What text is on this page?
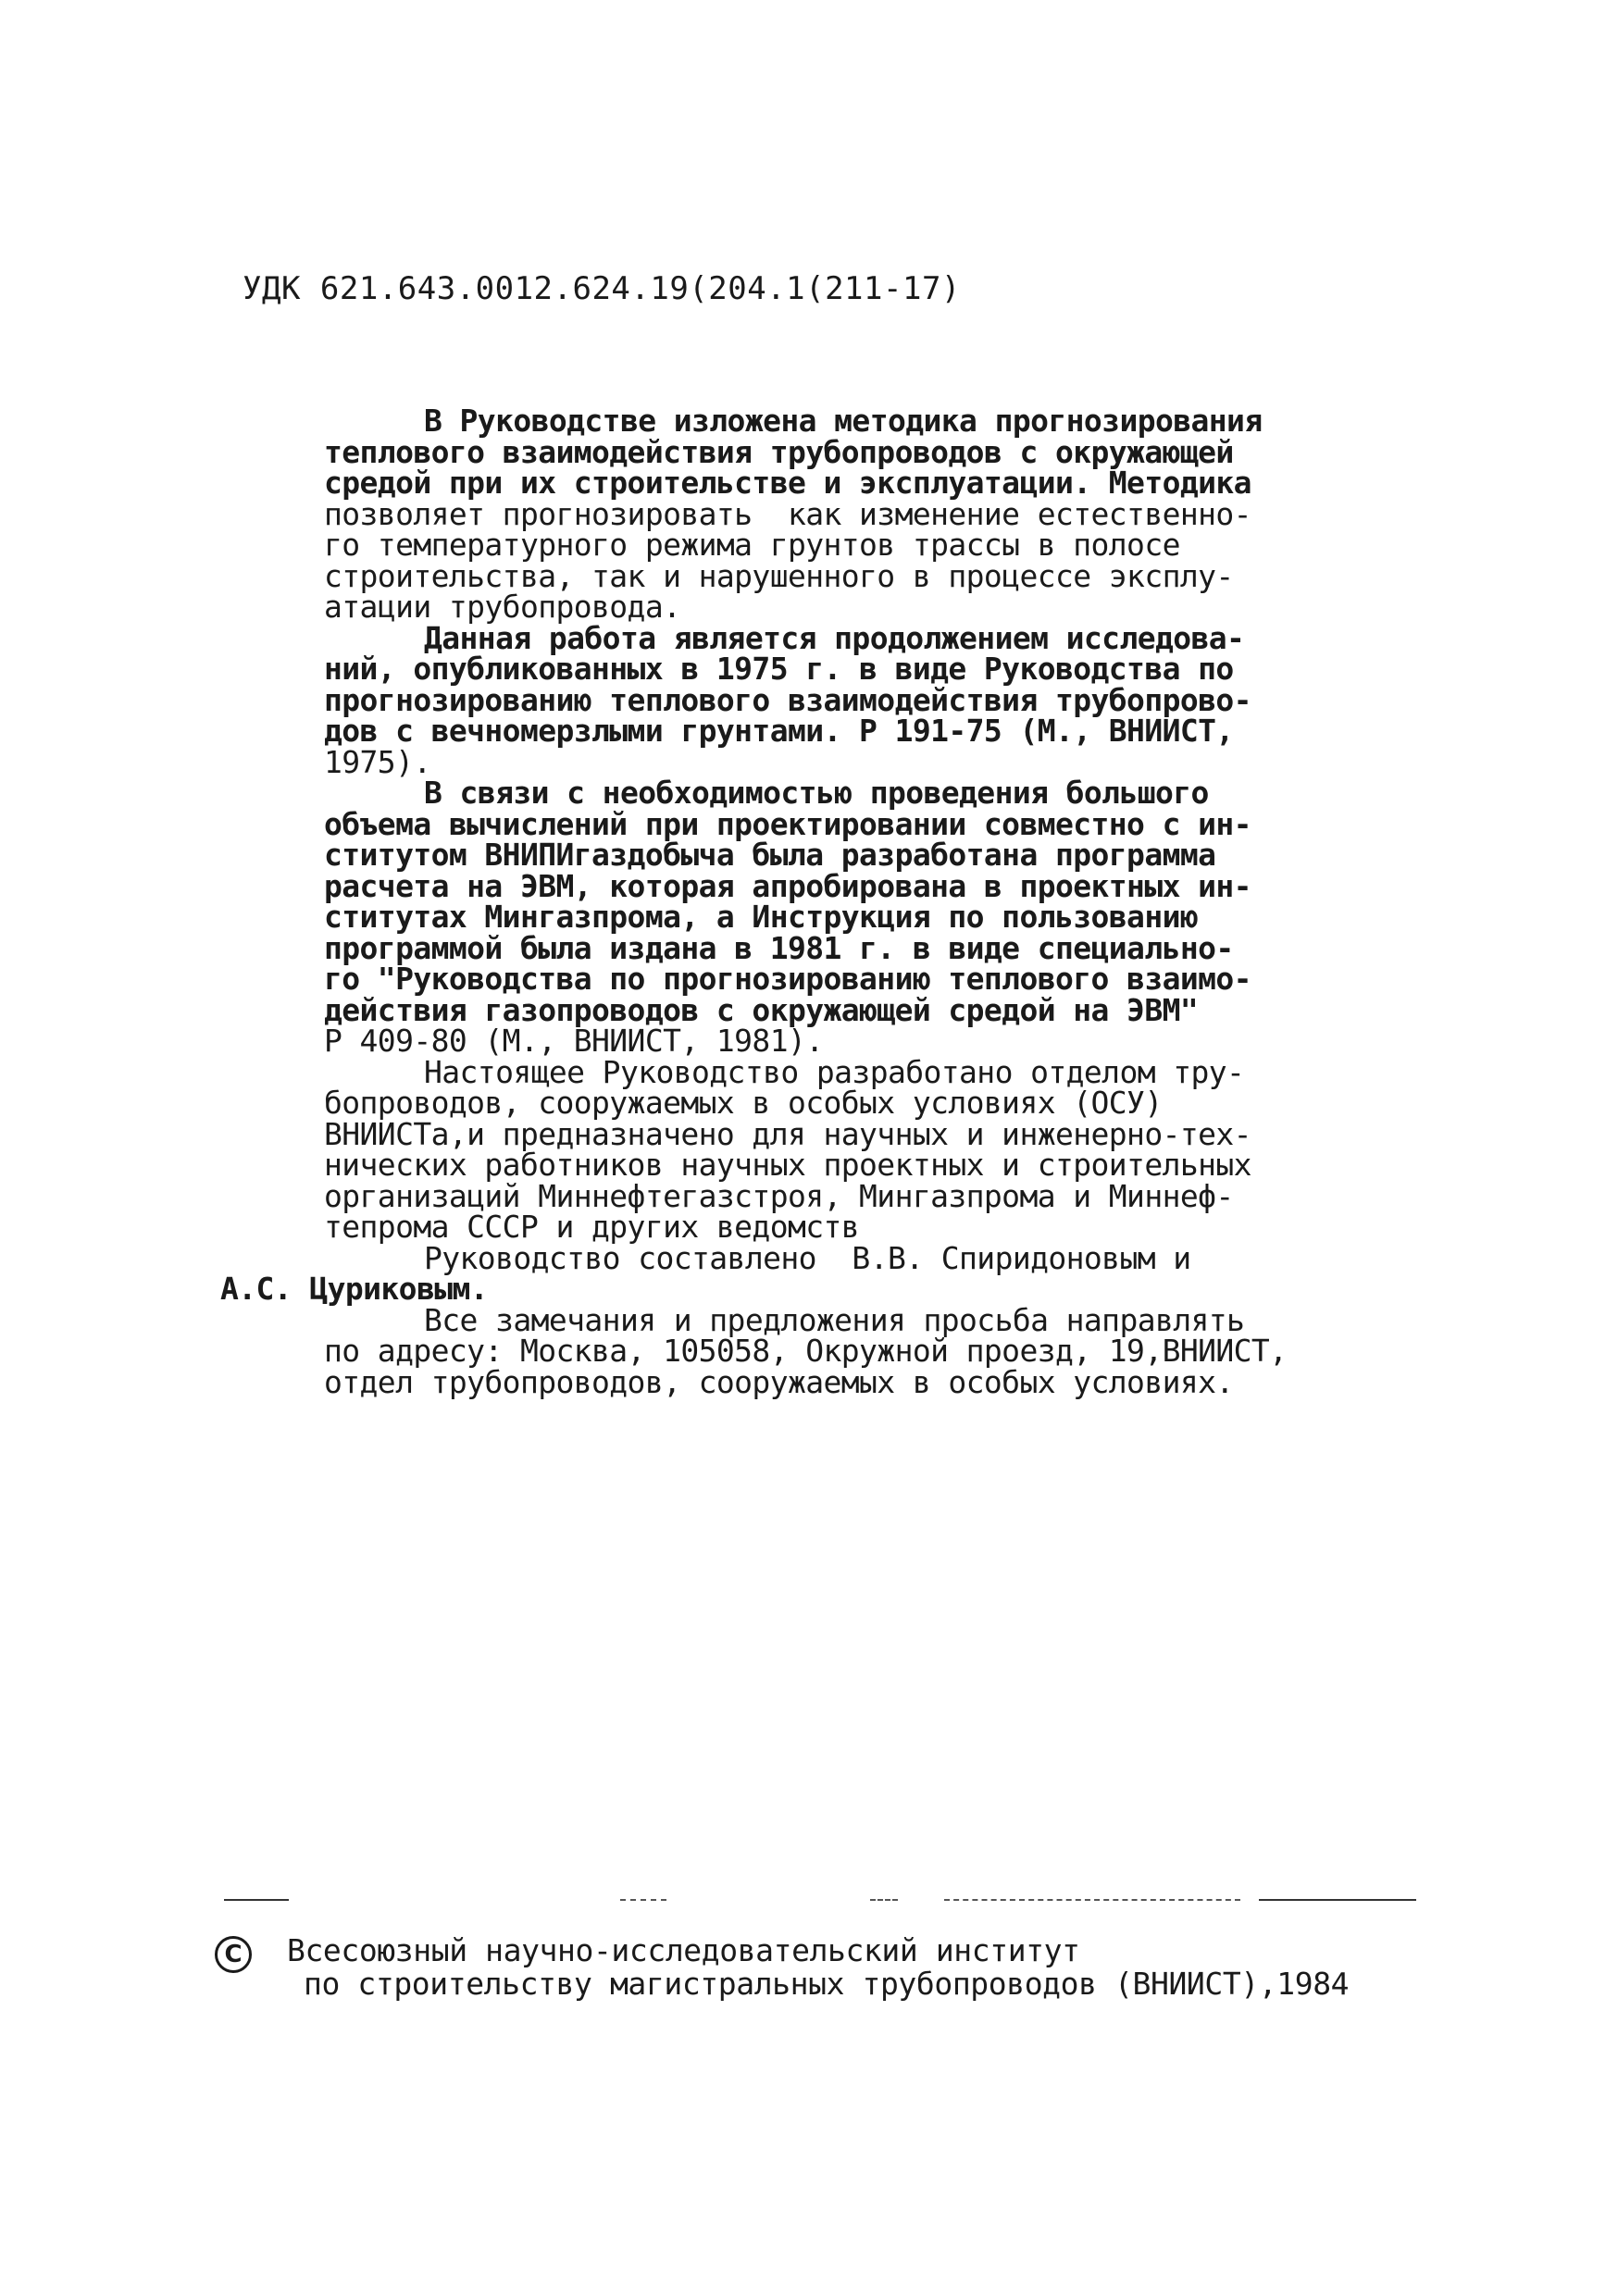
УДК 621.643.0012.624.19(204.1(211-17)
В Руководстве изложена методика прогнозирования
теплового взаимодействия трубопроводов с окружающей
средой при их строительстве и эксплуатации. Методика
позволяет прогнозировать  как изменение естественно-
го температурного режима грунтов трассы в полосе
строительства, так и нарушенного в процессе эксплу-
атации трубопровода.
Данная работа является продолжением исследова-
ний, опубликованных в 1975 г. в виде Руководства по
прогнозированию теплового взаимодействия трубопрово-
дов с вечномерзлыми грунтами. Р 191-75 (М., ВНИИСТ,
1975).
В связи с необходимостью проведения большого
объема вычислений при проектировании совместно с ин-
ститутом ВНИПИгаздобыча была разработана программа
расчета на ЭВМ, которая апробирована в проектных ин-
ститутах Мингазпрома, а Инструкция по пользованию
программой была издана в 1981 г. в виде специально-
го "Руководства по прогнозированию теплового взаимо-
действия газопроводов с окружающей средой на ЭВМ"
Р 409-80 (М., ВНИИСТ, 1981).
Настоящее Руководство разработано отделом тру-
бопроводов, сооружаемых в особых условиях (ОСУ)
ВНИИСТа,и предназначено для научных и инженерно-тех-
нических работников научных проектных и строительных
организаций Миннефтегазстроя, Мингазпрома и Миннеф-
тепрома СССР и других ведомств
Руководство составлено  В.В. Спиридоновым и
А.С. Цуриковым.
Все замечания и предложения просьба направлять
по адресу: Москва, 105058, Окружной проезд, 19,ВНИИСТ,
отдел трубопроводов, сооружаемых в особых условиях.
C	Всесоюзный научно-исследовательский институт
по строительству магистральных трубопроводов (ВНИИСТ),1984
